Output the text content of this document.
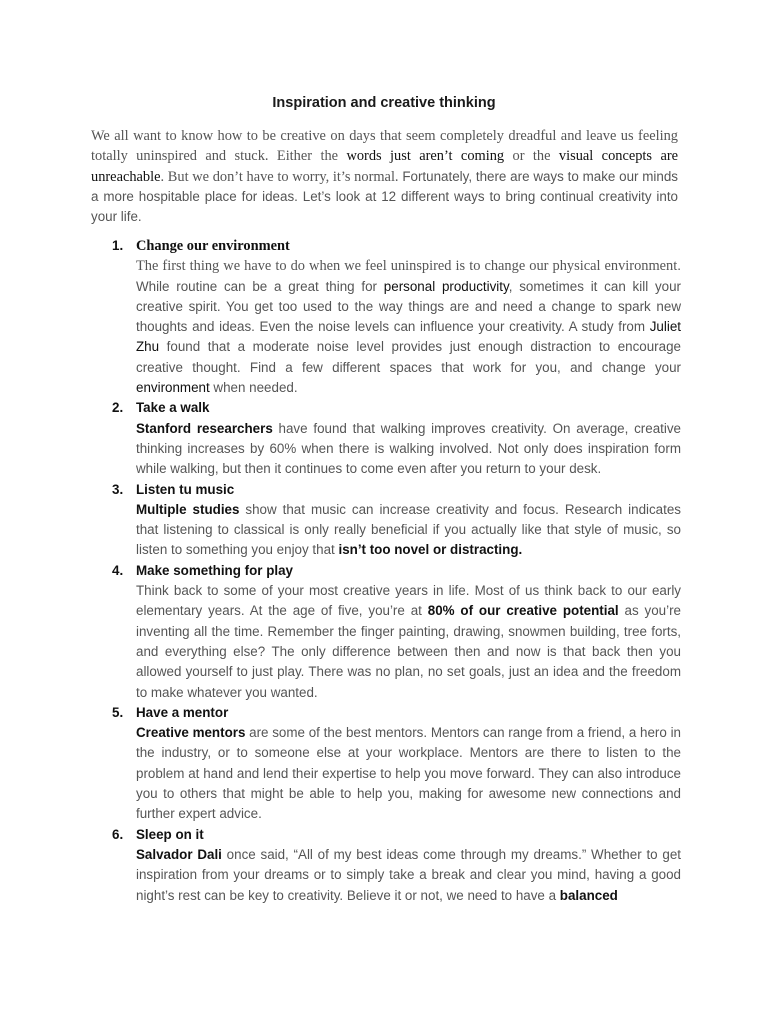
Inspiration and creative thinking
We all want to know how to be creative on days that seem completely dreadful and leave us feeling totally uninspired and stuck. Either the words just aren’t coming or the visual concepts are unreachable. But we don’t have to worry, it’s normal. Fortunately, there are ways to make our minds a more hospitable place for ideas. Let’s look at 12 different ways to bring continual creativity into your life.
1. Change our environment
The first thing we have to do when we feel uninspired is to change our physical environment. While routine can be a great thing for personal productivity, sometimes it can kill your creative spirit. You get too used to the way things are and need a change to spark new thoughts and ideas. Even the noise levels can influence your creativity. A study from Juliet Zhu found that a moderate noise level provides just enough distraction to encourage creative thought. Find a few different spaces that work for you, and change your environment when needed.
2. Take a walk
Stanford researchers have found that walking improves creativity. On average, creative thinking increases by 60% when there is walking involved. Not only does inspiration form while walking, but then it continues to come even after you return to your desk.
3. Listen tu music
Multiple studies show that music can increase creativity and focus. Research indicates that listening to classical is only really beneficial if you actually like that style of music, so listen to something you enjoy that isn’t too novel or distracting.
4. Make something for play
Think back to some of your most creative years in life. Most of us think back to our early elementary years. At the age of five, you’re at 80% of our creative potential as you’re inventing all the time. Remember the finger painting, drawing, snowmen building, tree forts, and everything else? The only difference between then and now is that back then you allowed yourself to just play. There was no plan, no set goals, just an idea and the freedom to make whatever you wanted.
5. Have a mentor
Creative mentors are some of the best mentors. Mentors can range from a friend, a hero in the industry, or to someone else at your workplace. Mentors are there to listen to the problem at hand and lend their expertise to help you move forward. They can also introduce you to others that might be able to help you, making for awesome new connections and further expert advice.
6. Sleep on it
Salvador Dali once said, “All of my best ideas come through my dreams.” Whether to get inspiration from your dreams or to simply take a break and clear you mind, having a good night’s rest can be key to creativity. Believe it or not, we need to have a balanced
